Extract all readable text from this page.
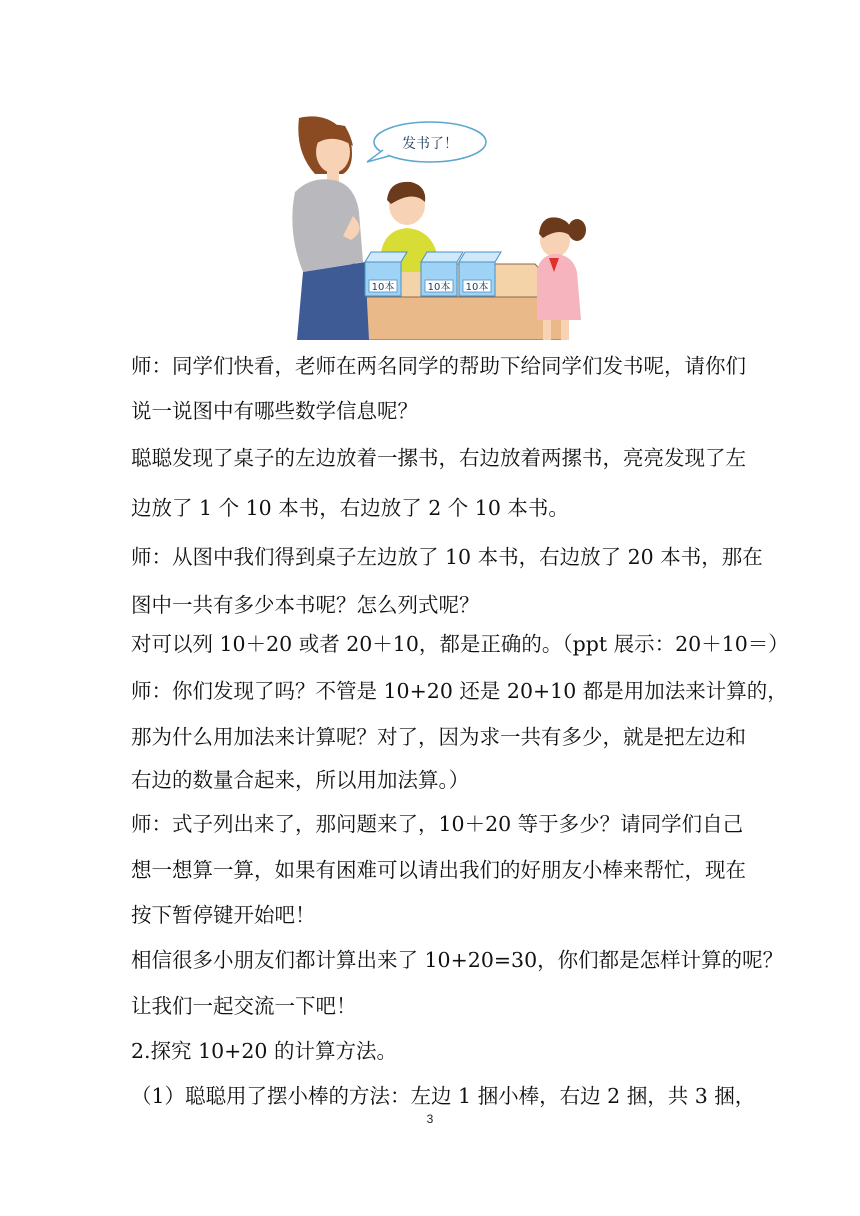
发书了！
10本	10本 10本
师：同学们快看，老师在两名同学的帮助下给同学们发书呢，请你们
说一说图中有哪些数学信息呢？
聪聪发现了桌子的左边放着一摞书，右边放着两摞书，亮亮发现了左
边放了 1 个 10 本书，右边放了 2 个 10 本书。
师：从图中我们得到桌子左边放了 10 本书，右边放了 20 本书，那在
图中一共有多少本书呢？怎么列式呢？
对可以列 10＋20 或者 20＋10，都是正确的。（ppt 展示：20＋10＝）
师：你们发现了吗？不管是 10+20 还是 20+10 都是用加法来计算的，
那为什么用加法来计算呢？对了，因为求一共有多少，就是把左边和
右边的数量合起来，所以用加法算。）
师：式子列出来了，那问题来了，10＋20 等于多少？请同学们自己
想一想算一算，如果有困难可以请出我们的好朋友小棒来帮忙，现在
按下暂停键开始吧！
相信很多小朋友们都计算出来了 10+20=30，你们都是怎样计算的呢？
让我们一起交流一下吧！
2.探究 10+20 的计算方法。
（1）聪聪用了摆小棒的方法：左边 1 捆小棒，右边 2 捆，共 3 捆，
3
